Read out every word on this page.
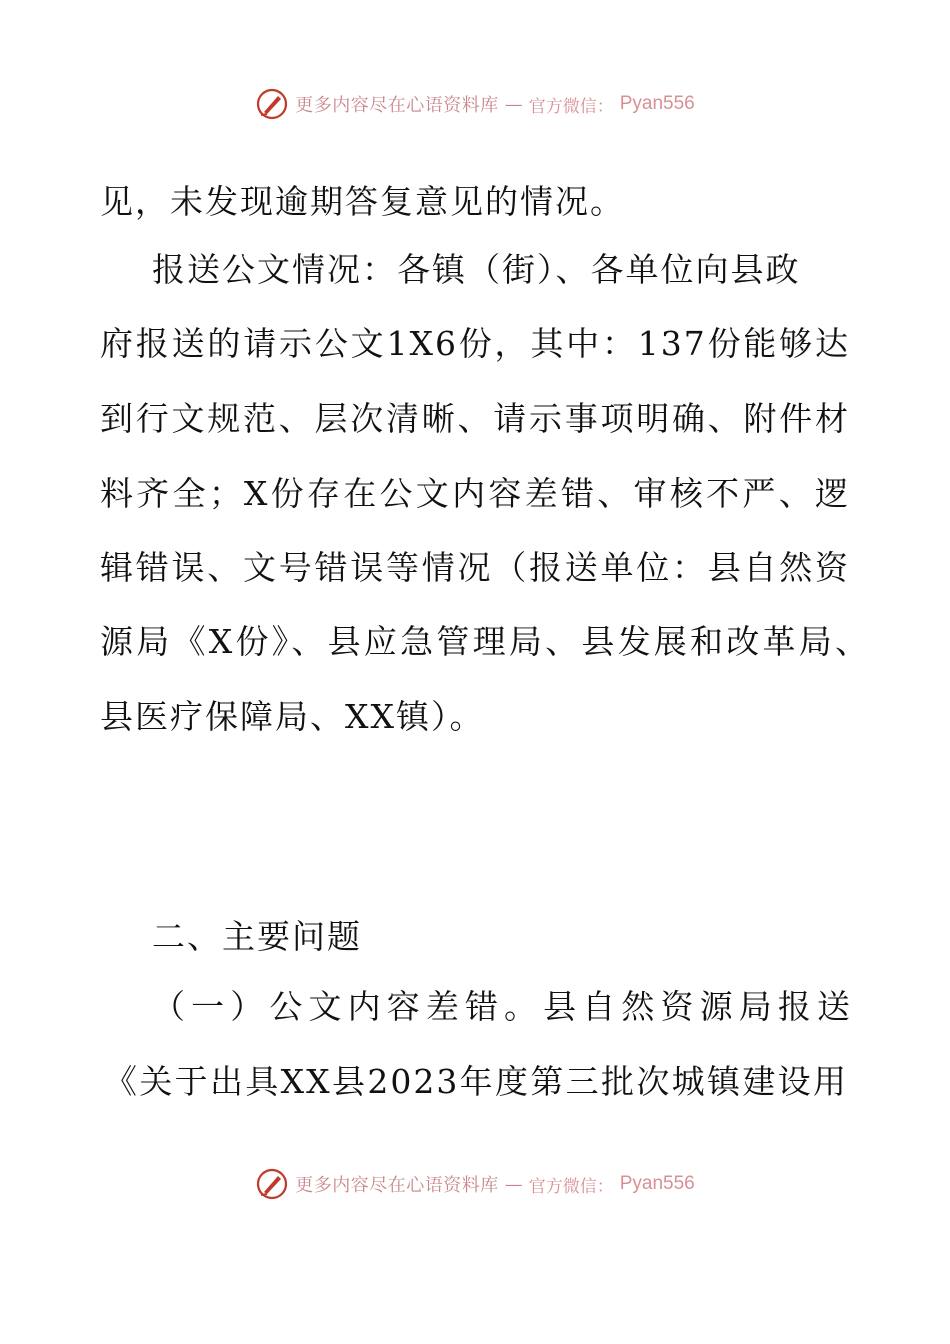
更多内容尽在心语资料库 — 官方微信： Pyan556
见，未发现逾期答复意见的情况。
报送公文情况：各镇（街）、各单位向县政
府报送的请示公文1X6份，其中：137份能够达
到行文规范、层次清晰、请示事项明确、附件材
料齐全；X份存在公文内容差错、审核不严、逻
辑错误、文号错误等情况（报送单位：县自然资
源局《X份》、县应急管理局、县发展和改革局、
县医疗保障局、XX镇）。
二、主要问题
（一）公文内容差错。县自然资源局报送
《关于出具XX县2023年度第三批次城镇建设用
更多内容尽在心语资料库 — 官方微信： Pyan556
